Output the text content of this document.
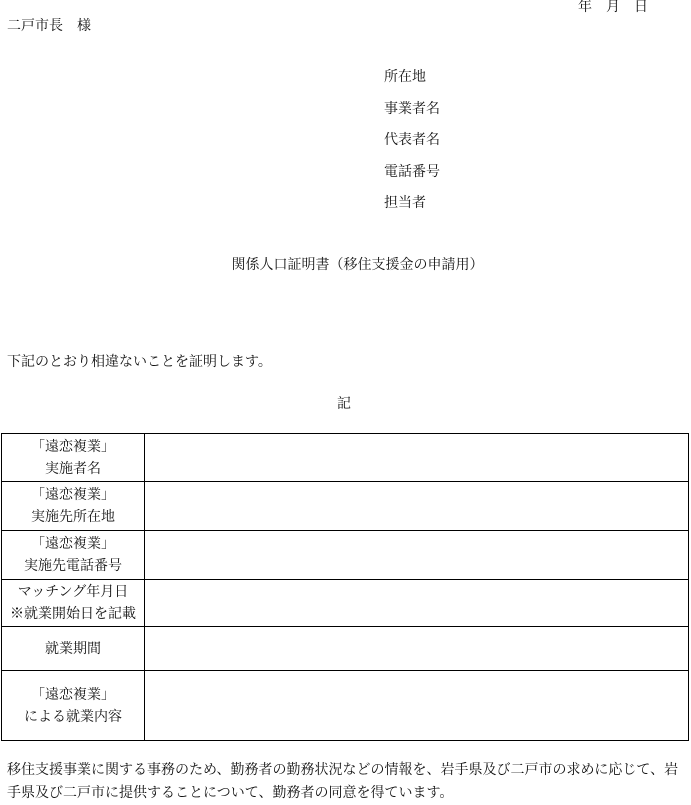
年　月　日
二戸市長　様
所在地
事業者名
代表者名
電話番号
担当者
関係人口証明書（移住支援金の申請用）
下記のとおり相違ないことを証明します。
記
「遠恋複業」
実施者名	

「遠恋複業」
実施先所在地	

「遠恋複業」
実施先電話番号	

マッチング年月日
※就業開始日を記載	

就業期間	

「遠恋複業」
による就業内容	

移住支援事業に関する事務のため、勤務者の勤務状況などの情報を、岩手県及び二戸市の求めに応じて、岩手県及び二戸市に提供することについて、勤務者の同意を得ています。
